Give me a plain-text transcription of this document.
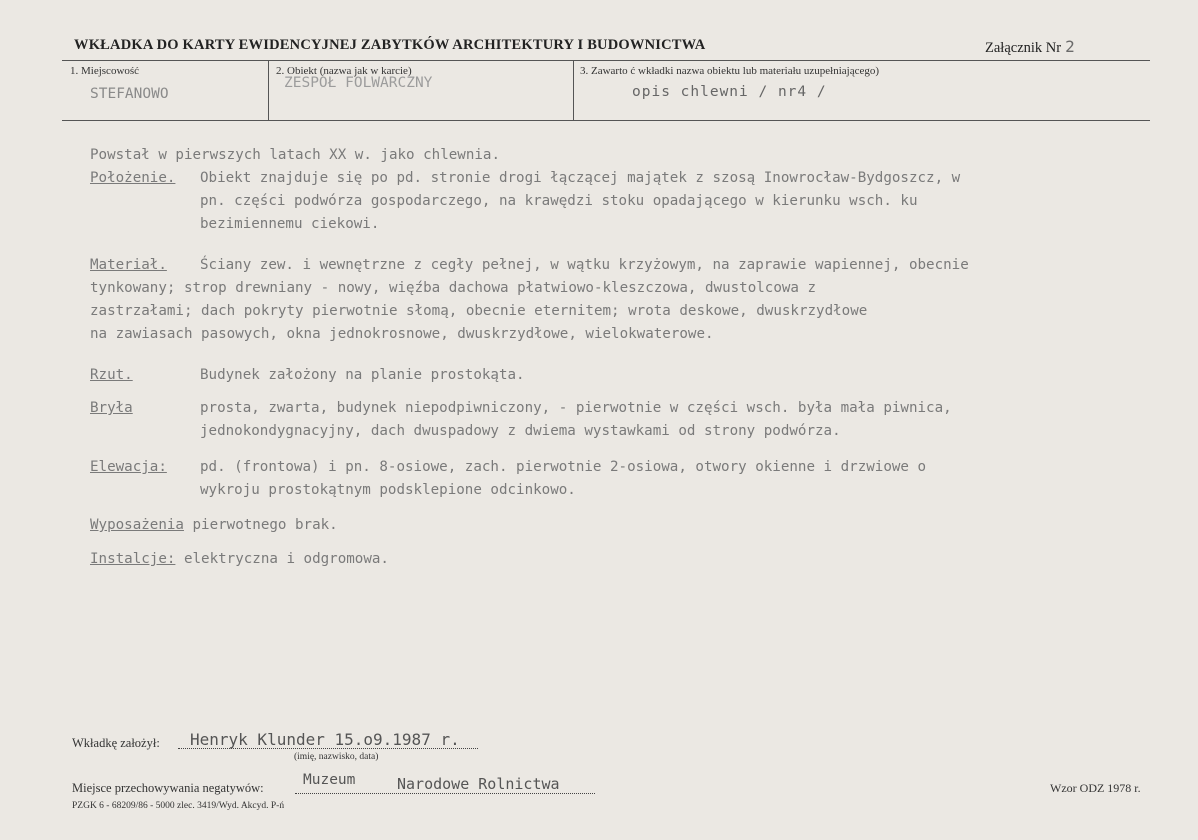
WKŁADKA DO KARTY EWIDENCYJNEJ ZABYTKÓW ARCHITEKTURY I BUDOWNICTWA	Załącznik Nr 2
1. Miejscowość
STEFANOWO
2. Obiekt (nazwa jak w karcie)
ZESPÓŁ FOLWARCZNY
3. Zawarto ć wkładki nazwa obiektu lub materiału uzupełniającego)
opis chlewni / nr4 /
Powstał w pierwszych latach XX w. jako chlewnia.
Położenie. Obiekt znajduje się po pd. stronie drogi łączącej majątek z szosą Inowrocław-Bydgoszcz, w
pn. części podwórza gospodarczego, na krawędzi stoku opadającego w kierunku wsch. ku
bezimiennemu ciekowi.
Materiał. Ściany zew. i wewnętrzne z cegły pełnej, w wątku krzyżowym, na zaprawie wapiennej, obecnie
tynkowany; strop drewniany - nowy, więźba dachowa płatwiowo-kleszczowa, dwustolcowa z
zastrzałami; dach pokryty pierwotnie słomą, obecnie eternitem; wrota deskowe, dwuskrzydłowe
na zawiasach pasowych, okna jednokrosnowe, dwuskrzydłowe, wielokwaterowe.
Rzut.	Budynek założony na planie prostokąta.
Bryła	prosta, zwarta, budynek niepodpiwniczony, - pierwotnie w części wsch. była mała piwnica,
jednokondygnacyjny, dach dwuspadowy z dwiema wystawkami od strony podwórza.
Elewacja: pd. (frontowa) i pn. 8-osiowe, zach. pierwotnie 2-osiowa, otwory okienne i drzwiowe o
wykroju prostokątnym podsklepione odcinkowo.
Wyposażenia pierwotnego brak.
Instalcje: elektryczna i odgromowa.
Wkładkę założył: Henryk Klunder 15.o9.1987 r.
(imię, nazwisko, data)
Miejsce przechowywania negatywów:	Muzeum	Narodowe Rolnictwa	Wzor ODZ 1978 r.
PZGK 6 - 68209/86 - 5000 zlec. 3419/Wyd. Akcyd. P-ń
